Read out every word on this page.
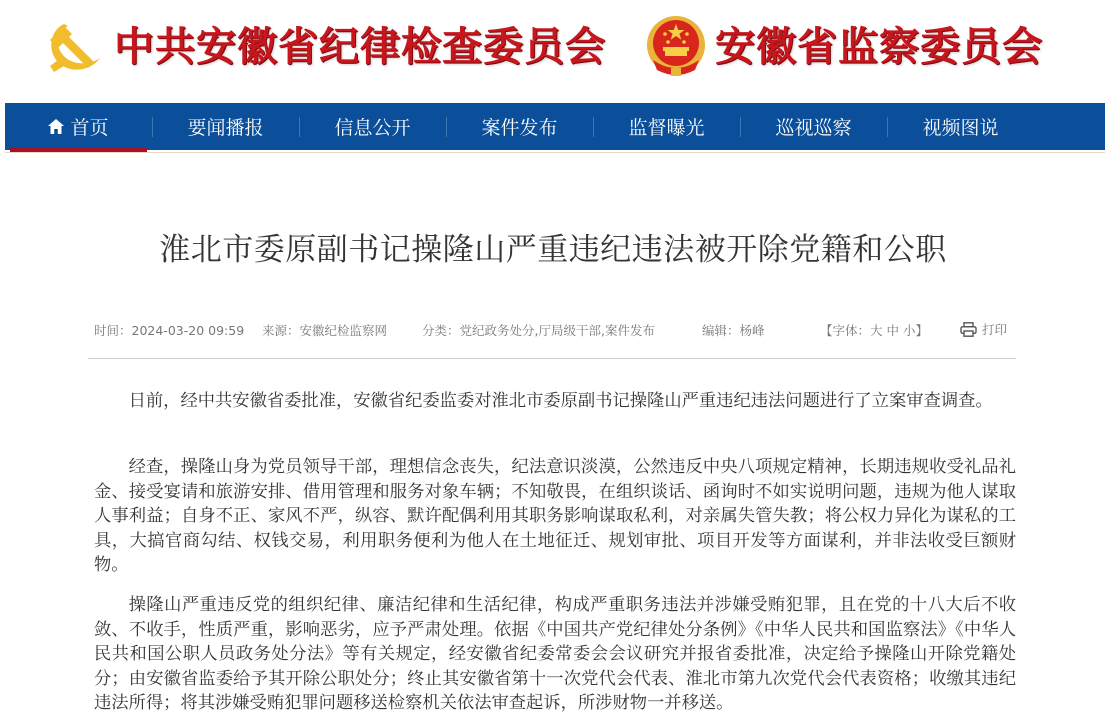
中共安徽省纪律检查委员会	安徽省监察委员会
首页	要闻播报	信息公开	案件发布	监督曝光	巡视巡察	视频图说
淮北市委原副书记操隆山严重违纪违法被开除党籍和公职
时间：2024-03-20 09:59 来源：安徽纪检监察网	分类：党纪政务处分,厅局级干部,案件发布	编辑：杨峰	【字体：大 中 小】	打印

日前，经中共安徽省委批准，安徽省纪委监委对淮北市委原副书记操隆山严重违纪违法问题进行了立案审查调查。

经查，操隆山身为党员领导干部，理想信念丧失，纪法意识淡漠，公然违反中央八项规定精神，长期违规收受礼品礼金、接受宴请和旅游安排、借用管理和服务对象车辆；不知敬畏，在组织谈话、函询时不如实说明问题，违规为他人谋取人事利益；自身不正、家风不严，纵容、默许配偶利用其职务影响谋取私利，对亲属失管失教；将公权力异化为谋私的工具，大搞官商勾结、权钱交易，利用职务便利为他人在土地征迁、规划审批、项目开发等方面谋利，并非法收受巨额财物。

操隆山严重违反党的组织纪律、廉洁纪律和生活纪律，构成严重职务违法并涉嫌受贿犯罪，且在党的十八大后不收敛、不收手，性质严重，影响恶劣，应予严肃处理。依据《中国共产党纪律处分条例》《中华人民共和国监察法》《中华人民共和国公职人员政务处分法》等有关规定，经安徽省纪委常委会会议研究并报省委批准，决定给予操隆山开除党籍处分；由安徽省监委给予其开除公职处分；终止其安徽省第十一次党代会代表、淮北市第九次党代会代表资格；收缴其违纪违法所得；将其涉嫌受贿犯罪问题移送检察机关依法审查起诉，所涉财物一并移送。
